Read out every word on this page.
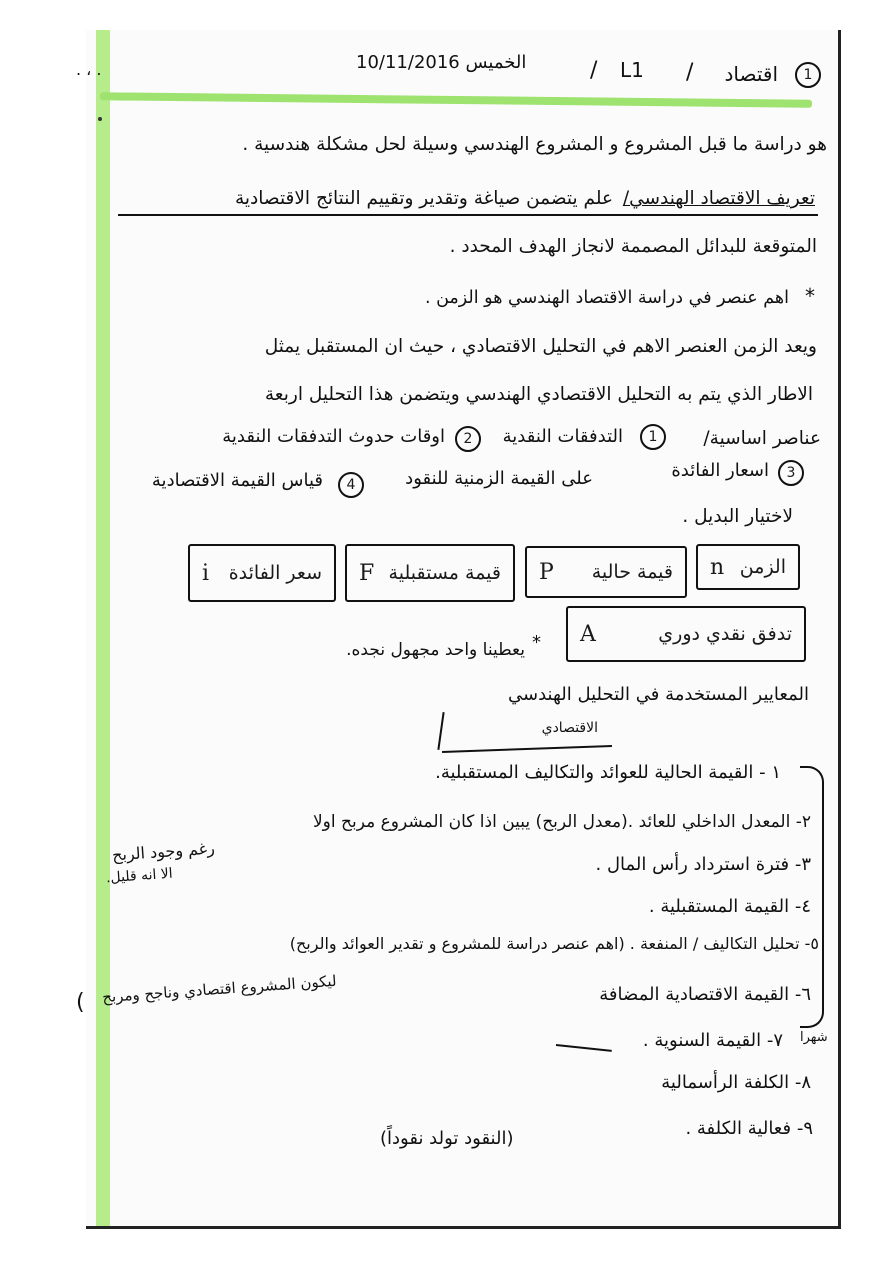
1
اقتصاد
/
L1
/
الخميس 10/11/2016
‏.‏ ، .
هو دراسة ما قبل المشروع و المشروع الهندسي وسيلة لحل مشكلة هندسية .
تعريف الاقتصاد الهندسي/
علم يتضمن صياغة وتقدير وتقييم النتائج الاقتصادية
المتوقعة للبدائل المصممة لانجاز الهدف المحدد .
*
اهم عنصر في دراسة الاقتصاد الهندسي هو الزمن .
ويعد الزمن العنصر الاهم في التحليل الاقتصادي ، حيث ان المستقبل يمثل
الاطار الذي يتم به التحليل الاقتصادي الهندسي ويتضمن هذا التحليل اربعة
عناصر اساسية/
1
التدفقات النقدية
2
اوقات حدوث التدفقات النقدية
3
اسعار الفائدة
على القيمة الزمنية للنقود
4
قياس القيمة الاقتصادية
لاختيار البديل .
الزمن
n
قيمة حالية
P
قيمة مستقبلية
F
سعر الفائدة
i
تدفق نقدي دوري
A
*
يعطينا واحد مجهول نجده.
المعايير المستخدمة في التحليل الهندسي
الاقتصادي
١ - القيمة الحالية للعوائد والتكاليف المستقبلية.
٢- المعدل الداخلي للعائد .(معدل الربح) يبين اذا كان المشروع مربح اولا
٣- فترة استرداد رأس المال .
٤- القيمة المستقبلية .
٥- تحليل التكاليف / المنفعة . (اهم عنصر دراسة للمشروع و تقدير العوائد والربح)
٦- القيمة الاقتصادية المضافة
٧- القيمة السنوية .
٨- الكلفة الرأسمالية
٩- فعالية الكلفة .
رغم وجود الربح
الا انه قليل.
ليكون المشروع اقتصادي وناجح ومربح
(
شهرا
(النقود تولد نقوداً)
